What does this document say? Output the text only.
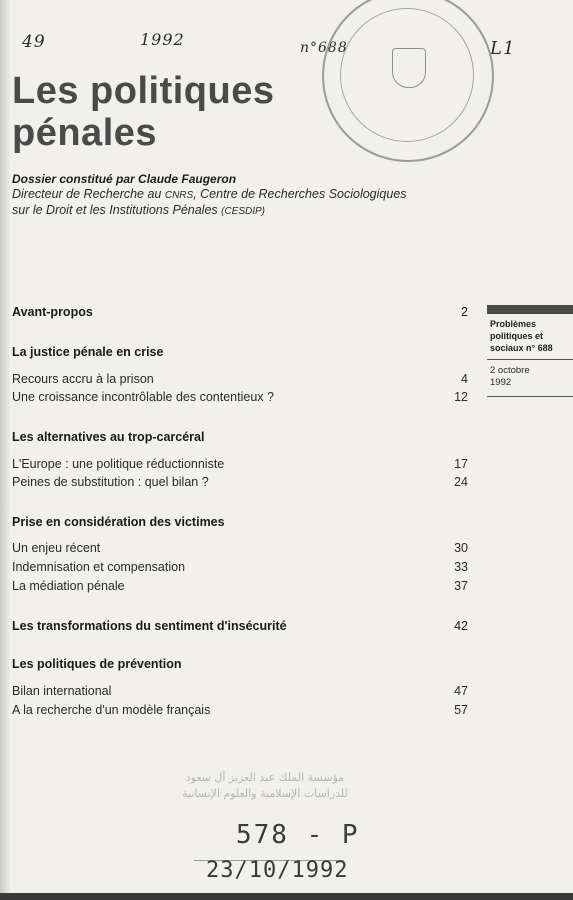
49	1992	n°688	L1
Les politiques
pénales
Dossier constitué par Claude Faugeron
Directeur de Recherche au CNRS, Centre de Recherches Sociologiques
sur le Droit et les Institutions Pénales (CESDIP)
Avant-propos	2
La justice pénale en crise
Recours accru à la prison	4
Une croissance incontrôlable des contentieux ?	12
Les alternatives au trop-carcéral
L'Europe : une politique réductionniste	17
Peines de substitution : quel bilan ?	24
Prise en considération des victimes
Un enjeu récent	30
Indemnisation et compensation	33
La médiation pénale	37
Les transformations du sentiment d'insécurité	42
Les politiques de prévention
Bilan international	47
A la recherche d'un modèle français	57
Problèmes
politiques et
sociaux n° 688
2 octobre
1992
مؤسسة الملك عبد العزيز آل سعود
للدراسات الإسلامية والعلوم الإنسانية
578 - P
23/10/1992
